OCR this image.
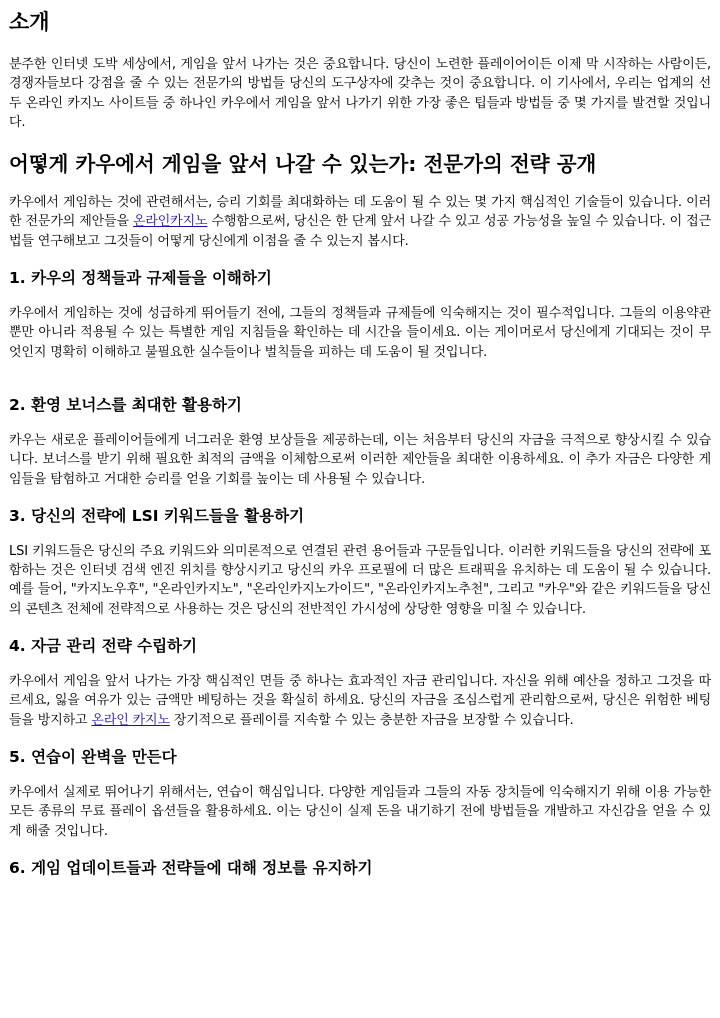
소개

분주한 인터넷 도박 세상에서, 게임을 앞서 나가는 것은 중요합니다. 당신이 노련한 플레이어이든 이제 막 시작하는 사람이든, 경쟁자들보다 강점을 줄 수 있는 전문가의 방법들 당신의 도구상자에 갖추는 것이 중요합니다. 이 기사에서, 우리는 업계의 선두 온라인 카지노 사이트들 중 하나인 카우에서 게임을 앞서 나가기 위한 가장 좋은 팁들과 방법들 중 몇 가지를 발견할 것입니다.

어떻게 카우에서 게임을 앞서 나갈 수 있는가: 전문가의 전략 공개

카우에서 게임하는 것에 관련해서는, 승리 기회를 최대화하는 데 도움이 될 수 있는 몇 가지 핵심적인 기술들이 있습니다. 이러한 전문가의 제안들을 온라인카지노 수행함으로써, 당신은 한 단계 앞서 나갈 수 있고 성공 가능성을 높일 수 있습니다. 이 접근법들 연구해보고 그것들이 어떻게 당신에게 이점을 줄 수 있는지 봅시다.

1. 카우의 정책들과 규제들을 이해하기

카우에서 게임하는 것에 성급하게 뛰어들기 전에, 그들의 정책들과 규제들에 익숙해지는 것이 필수적입니다. 그들의 이용약관뿐만 아니라 적용될 수 있는 특별한 게임 지침들을 확인하는 데 시간을 들이세요. 이는 게이머로서 당신에게 기대되는 것이 무엇인지 명확히 이해하고 불필요한 실수들이나 벌칙들을 피하는 데 도움이 될 것입니다.

2. 환영 보너스를 최대한 활용하기

카우는 새로운 플레이어들에게 너그러운 환영 보상들을 제공하는데, 이는 처음부터 당신의 자금을 극적으로 향상시킬 수 있습니다. 보너스를 받기 위해 필요한 최적의 금액을 이체함으로써 이러한 제안들을 최대한 이용하세요. 이 추가 자금은 다양한 게임들을 탐험하고 거대한 승리를 얻을 기회를 높이는 데 사용될 수 있습니다.

3. 당신의 전략에 LSI 키워드들을 활용하기

LSI 키워드들은 당신의 주요 키워드와 의미론적으로 연결된 관련 용어들과 구문들입니다. 이러한 키워드들을 당신의 전략에 포함하는 것은 인터넷 검색 엔진 위치를 향상시키고 당신의 카우 프로필에 더 많은 트래픽을 유치하는 데 도움이 될 수 있습니다. 예를 들어, "카지노우후", "온라인카지노", "온라인카지노가이드", "온라인카지노추천", 그리고 "카우"와 같은 키워드들을 당신의 콘텐츠 전체에 전략적으로 사용하는 것은 당신의 전반적인 가시성에 상당한 영향을 미칠 수 있습니다.

4. 자금 관리 전략 수립하기

카우에서 게임을 앞서 나가는 가장 핵심적인 면들 중 하나는 효과적인 자금 관리입니다. 자신을 위해 예산을 정하고 그것을 따르세요, 잃을 여유가 있는 금액만 베팅하는 것을 확실히 하세요. 당신의 자금을 조심스럽게 관리함으로써, 당신은 위험한 베팅들을 방지하고 온라인 카지노 장기적으로 플레이를 지속할 수 있는 충분한 자금을 보장할 수 있습니다.

5. 연습이 완벽을 만든다

카우에서 실제로 뛰어나기 위해서는, 연습이 핵심입니다. 다양한 게임들과 그들의 자동 장치들에 익숙해지기 위해 이용 가능한 모든 종류의 무료 플레이 옵션들을 활용하세요. 이는 당신이 실제 돈을 내기하기 전에 방법들을 개발하고 자신감을 얻을 수 있게 해줄 것입니다.

6. 게임 업데이트들과 전략들에 대해 정보를 유지하기
